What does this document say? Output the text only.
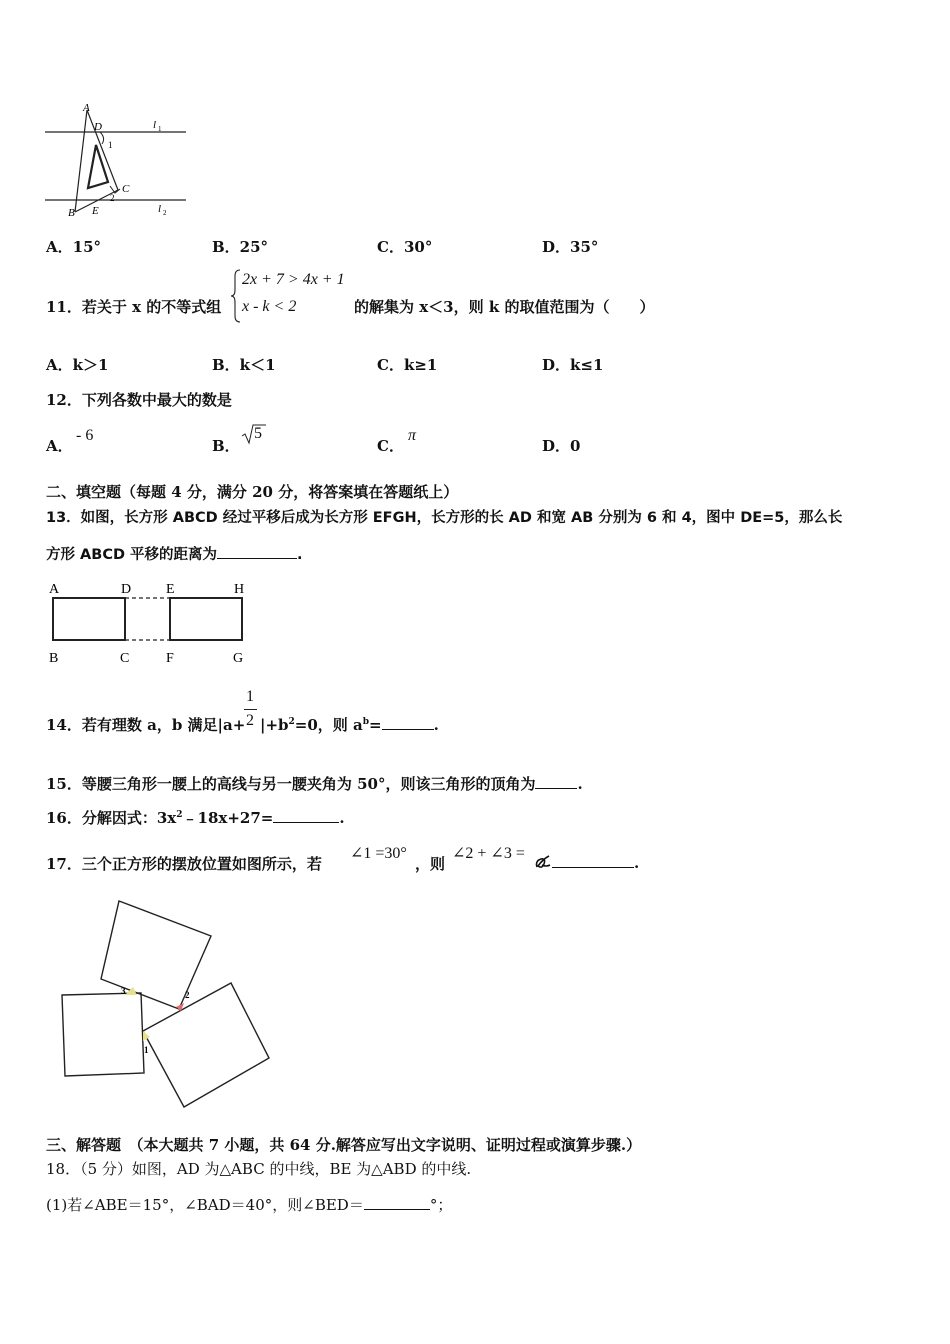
A
D
1
l 1
C
2
B E	l 2
A．15°	B．25°	C．30°	D．35°
11．若关于 x 的不等式组
2x + 7 > 4x + 1
x - k < 2	的解集为 x＜3，则 k 的取值范围为（　　）
A．k＞1	B．k＜1	C．k≥1	D．k≤1
12．下列各数中最大的数是
A．
- 6
B．
5
C．
π
D．0
二、填空题（每题 4 分，满分 20 分，将答案填在答题纸上）
13．如图，长方形 ABCD 经过平移后成为长方形 EFGH，长方形的长 AD 和宽 AB 分别为 6 和 4，图中 DE=5，那么长
方形 ABCD 平移的距离为	.
A	D E	H
B	C	F	G
14．若有理数 a，b 满足|a+
1
2 $|+b^2=0$，则 $a^b=$	.
15．等腰三角形一腰上的高线与另一腰夹角为 50°，则该三角形的顶角为	.
16．分解因式：$3x^2﹣18x+27=$	.
17．三个正方形的摆放位置如图所示，若
∠1 =30°
，则
∠2 + ∠3 =
.
3	2
1
三、解答题　（本大题共 7 小题，共 64 分.解答应写出文字说明、证明过程或演算步骤.）
18．（5 分）如图，AD 为△ABC 的中线，BE 为△ABD 的中线.
(1)若∠ABE＝15°，∠BAD＝40°，则∠BED＝	°；
